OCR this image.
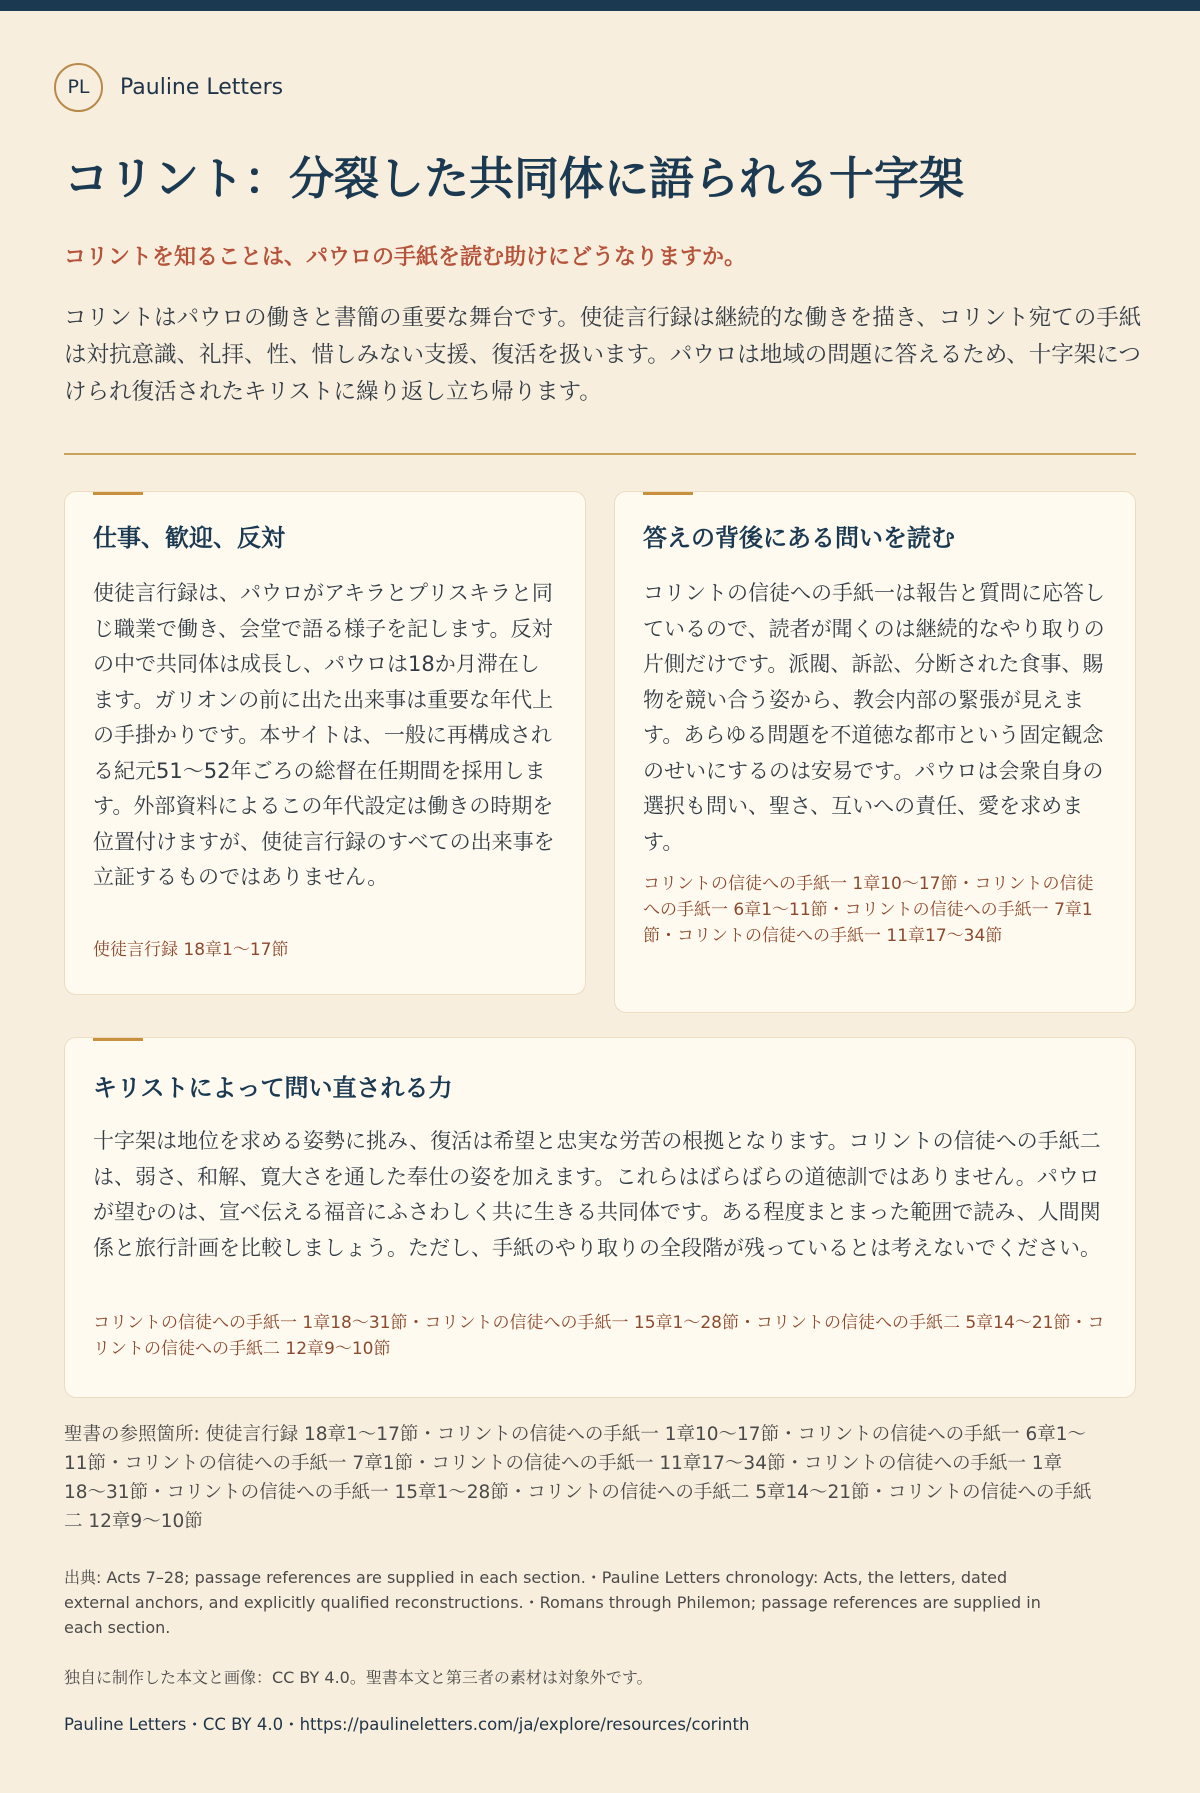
PL	Pauline Letters
コリント：分裂した共同体に語られる十字架

コリントを知ることは、パウロの手紙を読む助けにどうなりますか。

コリントはパウロの働きと書簡の重要な舞台です。使徒言行録は継続的な働きを描き、コリント宛ての手紙は対抗意識、礼拝、性、惜しみない支援、復活を扱います。パウロは地域の問題に答えるため、十字架につけられ復活されたキリストに繰り返し立ち帰ります。

仕事、歓迎、反対

使徒言行録は、パウロがアキラとプリスキラと同じ職業で働き、会堂で語る様子を記します。反対の中で共同体は成長し、パウロは18か月滞在します。ガリオンの前に出た出来事は重要な年代上の手掛かりです。本サイトは、一般に再構成される紀元51〜52年ごろの総督在任期間を採用します。外部資料によるこの年代設定は働きの時期を位置付けますが、使徒言行録のすべての出来事を立証するものではありません。

使徒言行録 18章1〜17節

答えの背後にある問いを読む

コリントの信徒への手紙一は報告と質問に応答しているので、読者が聞くのは継続的なやり取りの片側だけです。派閥、訴訟、分断された食事、賜物を競い合う姿から、教会内部の緊張が見えます。あらゆる問題を不道徳な都市という固定観念のせいにするのは安易です。パウロは会衆自身の選択も問い、聖さ、互いへの責任、愛を求めます。

コリントの信徒への手紙一 1章10〜17節・コリントの信徒への手紙一 6章1〜11節・コリントの信徒への手紙一 7章1節・コリントの信徒への手紙一 11章17〜34節

キリストによって問い直される力

十字架は地位を求める姿勢に挑み、復活は希望と忠実な労苦の根拠となります。コリントの信徒への手紙二は、弱さ、和解、寛大さを通した奉仕の姿を加えます。これらはばらばらの道徳訓ではありません。パウロが望むのは、宣べ伝える福音にふさわしく共に生きる共同体です。ある程度まとまった範囲で読み、人間関係と旅行計画を比較しましょう。ただし、手紙のやり取りの全段階が残っているとは考えないでください。

コリントの信徒への手紙一 1章18〜31節・コリントの信徒への手紙一 15章1〜28節・コリントの信徒への手紙二 5章14〜21節・コリントの信徒への手紙二 12章9〜10節

聖書の参照箇所: 使徒言行録 18章1〜17節・コリントの信徒への手紙一 1章10〜17節・コリントの信徒への手紙一 6章1〜11節・コリントの信徒への手紙一 7章1節・コリントの信徒への手紙一 11章17〜34節・コリントの信徒への手紙一 1章18〜31節・コリントの信徒への手紙一 15章1〜28節・コリントの信徒への手紙二 5章14〜21節・コリントの信徒への手紙二 12章9〜10節

出典: Acts 7–28; passage references are supplied in each section.・Pauline Letters chronology: Acts, the letters, dated external anchors, and explicitly qualified reconstructions.・Romans through Philemon; passage references are supplied in each section.

独自に制作した本文と画像：CC BY 4.0。聖書本文と第三者の素材は対象外です。

Pauline Letters・CC BY 4.0・https://paulineletters.com/ja/explore/resources/corinth
